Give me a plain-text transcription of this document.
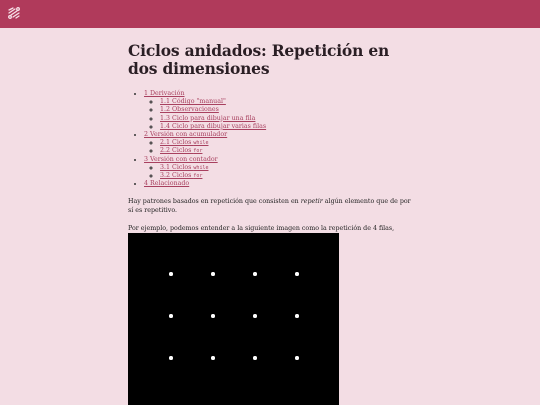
Ciclos anidados: Repetición en dos dimensiones
• 1 Derivación
◦ 1.1 Código "manual"
◦ 1.2 Observaciones
◦ 1.3 Ciclo para dibujar una fila
◦ 1.4 Ciclo para dibujar varias filas
• 2 Versión con acumulador
◦ 2.1 Ciclos while
◦ 2.2 Ciclos for
• 3 Versión con contador
◦ 3.1 Ciclos while
◦ 3.2 Ciclos for
• 4 Relacionado

Hay patrones basados en repetición que consisten en repetir algún elemento que de por sí es repetitivo.

Por ejemplo, podemos entender a la siguiente imagen como la repetición de 4 filas,
